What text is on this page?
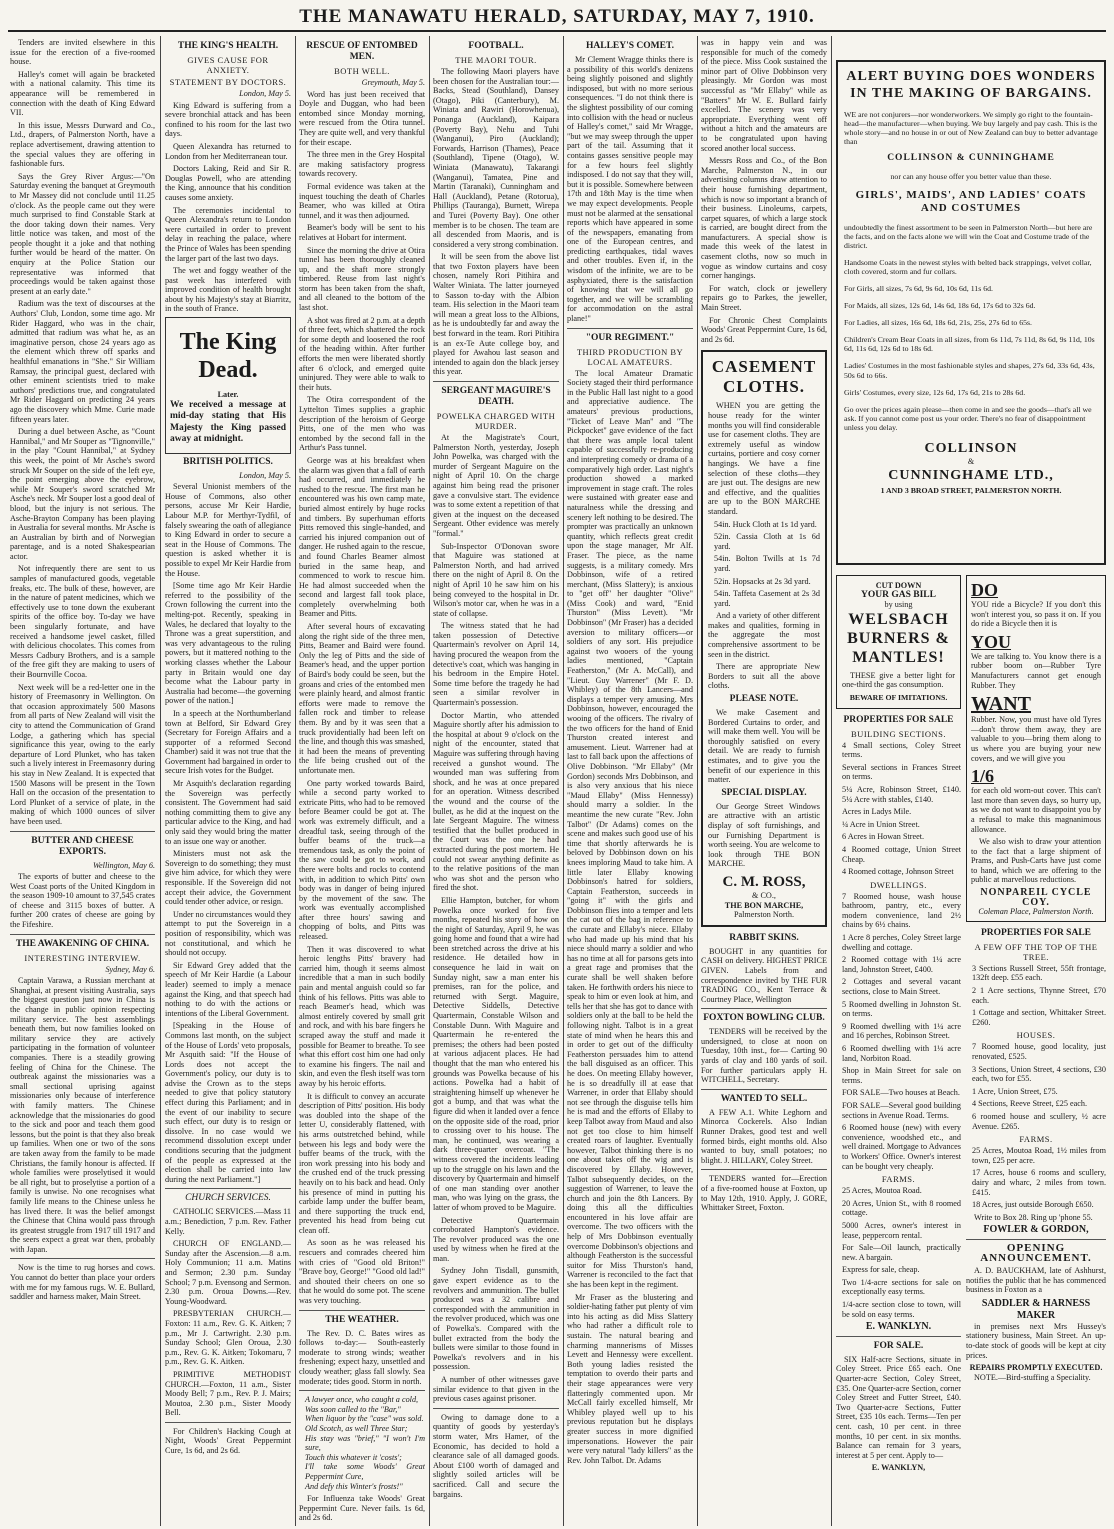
THE MANAWATU HERALD, SATURDAY, MAY 7, 1910.

Tenders are invited elsewhere in this issue for the erection of a five-roomed house.

Halley's comet will again be bracketed with a national calamity. This time its appearance will be remembered in connection with the death of King Edward VII.

In this issue, Messrs Durward and Co., Ltd., drapers, of Palmerston North, have a replace advertisement, drawing attention to the special values they are offering in fashionable furs.

Says the Grey River Argus:—"On Saturday evening the banquet at Greymouth to Mr Massey did not conclude until 11.25 o'clock. As the people came out they were much surprised to find Constable Stark at the door taking down their names. Very little notice was taken, and most of the people thought it a joke and that nothing further would be heard of the matter. On enquiry at the Police Station our representative was informed that proceedings would be taken against those present at an early date."

Radium was the text of discourses at the Authors' Club, London, some time ago. Mr Rider Haggard, who was in the chair, admitted that radium was what he, as an imaginative person, chose 24 years ago as the element which threw off sparks and healthful emanations in "She." Sir William Ramsay, the principal guest, declared with other eminent scientists tried to make authors' predictions true, and congratulated Mr Rider Haggard on predicting 24 years ago the discovery which Mme. Curie made fifteen years later.

During a duel between Asche, as "Count Hannibal," and Mr Souper as "Tignonville," in the play "Count Hannibal," at Sydney this week, the point of Mr Asche's sword struck Mr Souper on the side of the left eye, the point emerging above the eyebrow, while Mr Souper's sword scratched Mr Asche's neck. Mr Souper lost a good deal of blood, but the injury is not serious. The Asche-Brayton Company has been playing in Australia for several months. Mr Asche is an Australian by birth and of Norwegian parentage, and is a noted Shakespearian actor.

Not infrequently there are sent to us samples of manufactured goods, vegetable freaks, etc. The bulk of these, however, are in the nature of patent medicines, which we effectively use to tone down the exuberant spirits of the office boy. To-day we have been singularly fortunate, and have received a handsome jewel casket, filled with delicious chocolates. This comes from Messrs Cadbury Brothers, and is a sample of the free gift they are making to users of their Bournville Cocoa.

Next week will be a red-letter one in the history of Freemasonry in Wellington. On that occasion approximately 500 Masons from all parts of New Zealand will visit the city to attend the Communication of Grand Lodge, a gathering which has special significance this year, owing to the early departure of Lord Plunket, who has taken such a lively interest in Freemasonry during his stay in New Zealand. It is expected that 1500 Masons will be present in the Town Hall on the occasion of the presentation to Lord Plunket of a service of plate, in the making of which 1000 ounces of silver have been used.

BUTTER AND CHEESE EXPORTS.
Wellington, May 6.

The exports of butter and cheese to the West Coast ports of the United Kingdom in the season 1909-10 amount to 37,545 crates of cheese and 3115 boxes of butter. A further 200 crates of cheese are going by the Fifeshire.

THE AWAKENING OF CHINA.
INTERESTING INTERVIEW.
Sydney, May 6.

Captain Varawa, a Russian merchant at Shanghai, at present visiting Australia, says the biggest question just now in China is the change in public opinion respecting military service. The best assemblings beneath them, but now families looked on military service they are actively participating in the formation of volunteer companies. There is a steadily growing feeling of China for the Chinese. The outbreak against the missionaries was a small sectional uprising against missionaries only because of interference with family matters. The Chinese acknowledge that the missionaries do good to the sick and poor and teach them good lessons, but the point is that they also break up families. When one or two of the sons are taken away from the family to be made Christians, the family honour is affected. If whole families were proselytised it would be all right, but to proselytise a portion of a family is unwise. No one recognises what family life means to the Chinese unless he has lived there. It was the belief amongst the Chinese that China would pass through its greatest struggle from 1917 till 1917 and the seers expect a great war then, probably with Japan.

Now is the time to rug horses and cows. You cannot do better than place your orders with me for my famous rugs. W. E. Bullard, saddler and harness maker, Main Street.

THE KING'S HEALTH.
GIVES CAUSE FOR ANXIETY.
STATEMENT BY DOCTORS.
London, May 5.

King Edward is suffering from a severe bronchial attack and has been confined to his room for the last two days.

Queen Alexandra has returned to London from her Mediterranean tour.

Doctors Laking, Reid and Sir R. Douglas Powell, who are attending the King, announce that his condition causes some anxiety.

The ceremonies incidental to Queen Alexandra's return to London were curtailed in order to prevent delay in reaching the palace, where the Prince of Wales has been spending the larger part of the last two days.

The wet and foggy weather of the past week has interfered with improved condition of health brought about by his Majesty's stay at Biarritz, in the south of France.

The King Dead.
Later.

We received a message at mid-day stating that His Majesty the King passed away at midnight.

BRITISH POLITICS.
London, May 5.

Several Unionist members of the House of Commons, also other persons, accuse Mr Keir Hardie, Labour M.P. for Merthyr-Tydfil, of falsely swearing the oath of allegiance to King Edward in order to secure a seat in the House of Commons. The question is asked whether it is possible to expel Mr Keir Hardie from the House.

[Some time ago Mr Keir Hardie referred to the possibility of the Crown following the current into the melting-pot. Recently, speaking in Wales, he declared that loyalty to the Throne was a great superstition, and was very advantageous to the ruling powers, but it mattered nothing to the working classes whether the Labour party in Britain would one day become what the Labour party in Australia had become—the governing power of the nation.]

In a speech at the Northumberland town at Belford, Sir Edward Grey (Secretary for Foreign Affairs and a supporter of a reformed Second Chamber) said it was not true that the Government had bargained in order to secure Irish votes for the Budget.

Mr Asquith's declaration regarding the Sovereign was perfectly consistent. The Government had said nothing committing them to give any particular advice to the King, and had only said they would bring the matter to an issue one way or another.

Ministers must not ask the Sovereign to do something; they must give him advice, for which they were responsible. If the Sovereign did not accept their advice, the Government could tender other advice, or resign.

Under no circumstances would they attempt to put the Sovereign in a position of responsibility, which was not constitutional, and which he should not occupy.

Sir Edward Grey added that the speech of Mr Keir Hardie (a Labour leader) seemed to imply a menace against the King, and that speech had nothing to do with the actions or intentions of the Liberal Government.

[Speaking in the House of Commons last month, on the subject of the House of Lords' veto proposals, Mr Asquith said: "If the House of Lords does not accept the Government's policy, our duty is to advise the Crown as to the steps needed to give that policy statutory effect during this Parliament; and in the event of our inability to secure such effect, our duty is to resign or dissolve. In no case would we recommend dissolution except under conditions securing that the judgment of the people as expressed at the election shall be carried into law during the next Parliament."]

CHURCH SERVICES.

CATHOLIC SERVICES.—Mass 11 a.m.; Benediction, 7 p.m. Rev. Father Kelly.

CHURCH OF ENGLAND.—Sunday after the Ascension.—8 a.m. Holy Communion; 11 a.m. Matins and Sermon; 2.30 p.m. Sunday School; 7 p.m. Evensong and Sermon. 2.30 p.m. Oroua Downs.—Rev. Young-Woodward.

PRESBYTERIAN CHURCH.—Foxton: 11 a.m., Rev. G. K. Aitken; 7 p.m., Mr J. Cartwright. 2.30 p.m. Sunday School; Glen Oroua, 2.30 p.m., Rev. G. K. Aitken; Tokomaru, 7 p.m., Rev. G. K. Aitken.

PRIMITIVE METHODIST CHURCH.—Foxton, 11 a.m., Sister Moody Bell; 7 p.m., Rev. P. J. Mairs; Moutoa, 2.30 p.m., Sister Moody Bell.

For Children's Hacking Cough at Night, Woods' Great Peppermint Cure, 1s 6d, and 2s 6d.

RESCUE OF ENTOMBED MEN.
BOTH WELL.
Greymouth, May 5.

Word has just been received that Doyle and Duggan, who had been entombed since Monday morning, were rescued from the Otira tunnel. They are quite well, and very thankful for their escape.

The three men in the Grey Hospital are making satisfactory progress towards recovery.

Formal evidence was taken at the inquest touching the death of Charles Beamer, who was killed at Otira tunnel, and it was then adjourned.

Beamer's body will be sent to his relatives at Hobart for interment.

Since the morning the drive at Otira tunnel has been thoroughly cleaned up, and the shaft more strongly timbered. Reuse from last night's storm has been taken from the shaft, and all cleaned to the bottom of the last shot.

A shot was fired at 2 p.m. at a depth of three feet, which shattered the rock for some depth and loosened the roof of the heading within. After further efforts the men were liberated shortly after 6 o'clock, and emerged quite uninjured. They were able to walk to their huts.

The Otira correspondent of the Lyttelton Times supplies a graphic description of the heroism of George Pitts, one of the men who was entombed by the second fall in the Arthur's Pass tunnel.

George was at his breakfast when the alarm was given that a fall of earth had occurred, and immediately he rushed to the rescue. The first man he encountered was his own camp mate, buried almost entirely by huge rocks and timbers. By superhuman efforts Pitts removed this single-handed, and carried his injured companion out of danger. He rushed again to the rescue, and found Charles Beamer almost buried in the same heap, and commenced to work to rescue him. He had almost succeeded when the second and largest fall took place, completely overwhelming both Beamer and Pitts.

After several hours of excavating along the right side of the three men, Pitts, Beamer and Baird were found. Only the leg of Pitts and the side of Beamer's head, and the upper portion of Baird's body could be seen, but the groans and cries of the entombed men were plainly heard, and almost frantic efforts were made to remove the fallen rock and timber to release them. By and by it was seen that a truck providentially had been left on the line, and though this was smashed, it had been the means of preventing the life being crushed out of the unfortunate men.

One party worked towards Baird, while a second party worked to extricate Pitts, who had to be removed before Beamer could be got at. The work was extremely difficult, and a dreadful task, seeing through of the buffer beams of the truck—a tremendous task, as only the point of the saw could be got to work, and there were bolts and rocks to contend with, in addition to which Pitts' own body was in danger of being injured by the movement of the saw. The work was eventually accomplished after three hours' sawing and chopping of bolts, and Pitts was released.

Then it was discovered to what heroic lengths Pitts' bravery had carried him, though it seems almost incredible that a man in such bodily pain and mental anguish could so far think of his fellows. Pitts was able to reach Beamer's head, which was almost entirely covered by small grit and rock, and with his bare fingers he scraped away the stuff and made it possible for Beamer to breathe. To see what this effort cost him one had only to examine his fingers. The nail and skin, and even the flesh itself was torn away by his heroic efforts.

It is difficult to convey an accurate description of Pitts' position. His body was doubled into the shape of the letter U, considerably flattened, with his arms outstretched behind, while between his legs and body were the buffer beams of the truck, with the iron work pressing into his body and the crushed end of the truck pressing heavily on to his back and head. Only his presence of mind in putting his carbide lamp under the buffer beam, and there supporting the truck end, prevented his head from being cut clean off.

As soon as he was released his rescuers and comrades cheered him with cries of "Good old Briton!" "Brave boy, George!" "Good old lad!" and shouted their cheers on one so that he would do some pot. The scene was very touching.

THE WEATHER.

The Rev. D. C. Bates wires as follows to-day:— South-easterly moderate to strong winds; weather freshening; expect hazy, unsettled and cloudy weather; glass fall slowly. Sea moderate; tides good. Storm in north.

A lawyer once, who caught a cold,
Was soon called to the "Bar,"
When liquor by the "case" was sold.
Old Scotch, as well Three Star;
His stay was "brief," "I won't I'm sure,
Touch this whatever it 'costs';
I'll take some Woods' Great Peppermint Cure,
And defy this Winter's frosts!"

For Influenza take Woods' Great Peppermint Cure. Never fails. 1s 6d, and 2s 6d.

FOOTBALL.
THE MAORI TOUR.

The following Maori players have been chosen for the Australian tour:—Backs, Stead (Southland), Dansey (Otago), Piki (Canterbury), M. Winiata and Rawiri (Horowhenua), Ponanga (Auckland), Kaipara (Poverty Bay), Nehu and Tuhi (Wanganui), Piro (Auckland); Forwards, Harrison (Thames), Peace (Southland), Tipene (Otago), W. Winiata (Manawatu), Takarangi (Wanganui), Tamatea, Pine and Martin (Taranaki), Cunningham and Hall (Auckland), Petane (Rotorua), Phillips (Tauranga), Burnett, Wirepa and Turei (Poverty Bay). One other member is to be chosen. The team are all descended from Maoris, and is considered a very strong combination.

It will be seen from the above list that two Foxton players have been chosen, namely Rori Pitihira and Walter Winiata. The latter journeyed to Sasson to-day with the Albion team. His selection in the Maori team will mean a great loss to the Albions, as he is undoubtedly far and away the best forward in the team. Rori Pitihira is an ex-Te Aute college boy, and played for Awahou last season and intended to again don the black jersey this year.

SERGEANT MAGUIRE'S DEATH.
POWELKA CHARGED WITH MURDER.

At the Magistrate's Court, Palmerston North, yesterday, Joseph John Powelka, was charged with the murder of Sergeant Maguire on the night of April 10. On the charge against him being read the prisoner gave a convulsive start. The evidence was to some extent a repetition of that given at the inquest on the deceased Sergeant. Other evidence was merely "formal."

Sub-Inspector O'Donovan swore that Maguire was stationed at Palmerston North, and had arrived there on the night of April 8. On the night of April 10 he saw him on his being conveyed to the hospital in Dr. Wilson's motor car, when he was in a state of collapse.

The witness stated that he had taken possession of Detective Quartermain's revolver on April 14, having procured the weapon from the detective's coat, which was hanging in his bedroom in the Empire Hotel. Some time before the tragedy he had seen a similar revolver in Quartermain's possession.

Doctor Martin, who attended Maguire shortly after his admission to the hospital at about 9 o'clock on the night of the encounter, stated that Maguire was suffering through having received a gunshot wound. The wounded man was suffering from shock, and he was at once prepared for an operation. Witness described the wound and the course of the bullet, as he did at the inquest on the late Sergeant Maguire. The witness testified that the bullet produced in the Court was the one he had extracted during the post mortem. He could not swear anything definite as to the relative positions of the man who was shot and the person who fired the shot.

Ellie Hampton, butcher, for whom Powelka once worked for five months, repeated his story of how on the night of Saturday, April 9, he was going home and found that a wire had been stretched across the drive at his residence. He detailed how in consequence he laid in wait on Sunday night, saw a man enter his premises, ran for the police, and returned with Sergt. Maguire, Detective Siddells, Detective Quartermain, Constable Wilson and Constable Dunn. With Maguire and Quartermain he re-entered the premises; the others had been posted at various adjacent places. He had thought that the man who entered his grounds was Powelka because of his actions. Powelka had a habit of straightening himself up whenever he got a bump, and that was what the figure did when it landed over a fence on the opposite side of the road, prior to crossing over to his house. The man, he continued, was wearing a dark three-quarter overcoat. "The witness covered the incidents leading up to the struggle on his lawn and the discovery by Quartermain and himself of one man standing over another man, who was lying on the grass, the latter of whom proved to be Maguire.

Detective Quartermain corroborated Hampton's evidence. The revolver produced was the one used by witness when he fired at the man.

Sydney John Tisdall, gunsmith, gave expert evidence as to the revolvers and ammunition. The bullet produced was a 32 calibre and corresponded with the ammunition in the revolver produced, which was one of Powelka's. Compared with the bullet extracted from the body the bullets were similar to those found in Powelka's revolvers and in his possession.

A number of other witnesses gave similar evidence to that given in the previous cases against prisoner.

Owing to damage done to a quantity of goods by yesterday's storm water, Mrs Hamer, of the Economic, has decided to hold a clearance sale of all damaged goods. About £100 worth of damaged and slightly soiled articles will be sacrificed. Call and secure the bargains.

HALLEY'S COMET.

Mr Clement Wragge thinks there is a possibility of this world's denizens being slightly poisoned and slightly indisposed, but with no more serious consequences. "I do not think there is the slightest possibility of our coming into collision with the head or nucleus of Halley's comet," said Mr Wragge, "but we may sweep through the upper part of the tail. Assuming that it contains gasses sensitive people may for a few hours feel slightly indisposed. I do not say that they will, but it is possible. Somewhere between 17th and 18th May is the time when we may expect developments. People must not be alarmed at the sensational reports which have appeared in some of the newspapers, emanating from one of the European centres, and predicting earthquakes, tidal waves and other troubles. Even if, in the wisdom of the infinite, we are to be asphyxiated, there is the satisfaction of knowing that we will all go together, and we will be scrambling for accommodation on the astral plane!"

"OUR REGIMENT."
THIRD PRODUCTION BY LOCAL AMATEURS.

The local Amateur Dramatic Society staged their third performance in the Public Hall last night to a good and appreciative audience. The amateurs' previous productions, "Ticket of Leave Man" and "The Pickpocket" gave evidence of the fact that there was ample local talent capable of successfully re-producing and interpreting comedy or drama of a comparatively high order. Last night's production showed a marked improvement in stage craft. The roles were sustained with greater ease and naturalness while the dressing and scenery left nothing to be desired. The prompter was practically an unknown quantity, which reflects great credit upon the stage manager, Mr Alf. Fraser. The piece, as the name suggests, is a military comedy. Mrs Dobbinson, wife of a retired merchant, (Miss Slattery); is anxious to "get off" her daughter "Olive" (Miss Cook) and ward, "Enid Thurston" (Miss Levett). "Mr Dobbinson" (Mr Fraser) has a decided aversion to military officers—or soldiers of any sort. His prejudice against two wooers of the young ladies mentioned, "Captain Featherston," (Mr A. McCall), and "Lieut. Guy Warrener" (Mr F. D. Whibley) of the 8th Lancers—and displays a temper very amusing. Mrs Dobbinson, however, encouraged the wooing of the officers. The rivalry of the two officers for the hand of Enid Thurston created interest and amusement. Lieut. Warrener had at last to fall back upon the affections of Olive Dobbinson. "Mr Ellaby" (Mr Gordon) seconds Mrs Dobbinson, and is also very anxious that his niece "Maud Ellaby" (Miss Hennessy) should marry a soldier. In the meantime the new curate "Rev. John Talbot" (Dr Adams) comes on the scene and makes such good use of his time that shortly afterwards he is beloved by Dobbinson down on his knees imploring Maud to take him. A little later Ellaby knowing Dobbinson's hatred for soldiers, Captain Featherston, succeeds in "going it" with the girls and Dobbinson flies into a temper and lets the cat out of the bag in reference to the curate and Ellaby's niece. Ellaby who had made up his mind that his niece should marry a soldier and who has no time at all for parsons gets into a great rage and promises that the curate shall be well shaken before taken. He forthwith orders his niece to speak to him or even look at him, and tells her that she has got to dance with soldiers only at the ball to be held the following night. Talbot is in a great state of mind when he hears this and in order to get out of the difficulty Featherston persuades him to attend the ball disguised as an officer. This he does. On meeting Ellaby however, he is so dreadfully ill at ease that Warrener, in order that Ellaby should not see through the disguise tells him he is mad and the efforts of Ellaby to keep Talbot away from Maud and also not get too close to him himself created roars of laughter. Eventually however, Talbot thinking there is no one about takes off the wig and is discovered by Ellaby. However, Talbot subsequently decides, on the suggestion of Warrener, to leave the church and join the 8th Lancers. By doing this all the difficulties encountered in his love affair are overcome. The two officers with the help of Mrs Dobbinson eventually overcome Dobbinson's objections and although Featherston is the successful suitor for Miss Thurston's hand, Warrener is reconciled to the fact that she has been kept in the regiment.

Mr Fraser as the blustering and soldier-hating father put plenty of vim into his acting as did Miss Slattery who had rather a difficult role to sustain. The natural bearing and charming mannerisms of Misses Levett and Hennessy were excellent. Both young ladies resisted the temptation to overdo their parts and their stage appearances were very flatteringly commented upon. Mr McCall fairly excelled himself, Mr Whibley played well up to his previous reputation but he displays greater success in more dignified impersonations. However the pair were very natural "lady killers" as the Rev. John Talbot. Dr. Adams

was in happy vein and was responsible for much of the comedy of the piece. Miss Cook sustained the minor part of Olive Dobbinson very pleasingly. Mr Gordon was most successful as "Mr Ellaby" while as "Batters" Mr W. E. Bullard fairly excelled. The scenery was very appropriate. Everything went off without a hitch and the amateurs are to be congratulated upon having scored another local success.

Messrs Ross and Co., of the Bon Marche, Palmerston N., in our advertising columns draw attention to their house furnishing department, which is now so important a branch of their business. Linoleums, carpets, carpet squares, of which a large stock is carried, are bought direct from the manufacturers. A special show is made this week of the latest in casement cloths, now so much in vogue as window curtains and cosy corner hangings.

For watch, clock or jewellery repairs go to Parkes, the jeweller, Main Street.

For Chronic Chest Complaints Woods' Great Peppermint Cure, 1s 6d, and 2s 6d.

CASEMENT
CLOTHS.

WHEN you are getting the house ready for the winter months you will find considerable use for casement cloths. They are extremely useful as window curtains, portiere and cosy corner hangings. We have a fine selection of these cloths—they are just out. The designs are new and effective, and the qualities are up to the BON MARCHE standard.

54in. Huck Cloth at 1s 1d yard.

52in. Cassia Cloth at 1s 6d yard.

54in. Bolton Twills at 1s 7d yard.

52in. Hopsacks at 2s 3d yard.

54in. Taffeta Casement at 2s 3d yard.

And a variety of other different makes and qualities, forming in the aggregate the most comprehensive assortment to be seen in the district.

There are appropriate New Borders to suit all the above cloths.

PLEASE NOTE.

We make Casement and Bordered Curtains to order, and will make them well. You will be thoroughly satisfied on every detail. We are ready to furnish estimates, and to give you the benefit of our experience in this matter.

SPECIAL DISPLAY.

Our George Street Windows are attractive with an artistic display of soft furnishings, and our Furnishing Department is worth seeing. You are welcome to look through THE BON MARCHE.

C. M. ROSS,
& CO.,
THE BON MARCHE,
Palmerston North.
RABBIT SKINS.

BOUGHT in any quantities for CASH on delivery. HIGHEST PRICE GIVEN. Labels from and correspondence invited by THE FUR TRADING CO., Kent Terrace & Courtney Place, Wellington

FOXTON BOWLING CLUB.

TENDERS will be received by the undersigned, to close at noon on Tuesday, 10th inst., for— Carting 90 yards of clay and 180 yards of soil. For further particulars apply H. WITCHELL, Secretary.

WANTED TO SELL.

A FEW A.1. White Leghorn and Minorca Cockerels. Also Indian Runner Drakes, good test and well formed birds, eight months old. Also wanted to buy, small potatoes; no blight. J. HILLARY, Coley Street.

TENDERS wanted for—Erection of a five-roomed house at Foxton, up to May 12th, 1910. Apply, J. GORE, Whittaker Street, Foxton.

ALERT BUYING DOES WONDERS IN THE MAKING OF BARGAINS.

WE are not conjurers—nor wonderworkers. We simply go right to the fountain-head—the manufacturer—when buying. We buy largely and pay cash. This is the whole story—and no house in or out of New Zealand can buy to better advantage than

COLLINSON & CUNNINGHAME

nor can any house offer you better value than these.

GIRLS', MAIDS', AND LADIES' COATS AND COSTUMES

undoubtedly the finest assortment to be seen in Palmerston North—but here are the facts, and on the facts alone we will win the Coat and Costume trade of the district.

Handsome Coats in the newest styles with belted back strappings, velvet collar, cloth covered, storm and fur collars.

For Girls, all sizes, 7s 6d, 9s 6d, 10s 6d, 11s 6d.

For Maids, all sizes, 12s 6d, 14s 6d, 18s 6d, 17s 6d to 32s 6d.

For Ladies, all sizes, 16s 6d, 18s 6d, 21s, 25s, 27s 6d to 65s.

Children's Cream Bear Coats in all sizes, from 6s 11d, 7s 11d, 8s 6d, 9s 11d, 10s 6d, 11s 6d, 12s 6d to 18s 6d.

Ladies' Costumes in the most fashionable styles and shapes, 27s 6d, 33s 6d, 43s, 50s 6d to 66s.

Girls' Costumes, every size, 12s 6d, 17s 6d, 21s to 28s 6d.

Go over the prices again please—then come in and see the goods—that's all we ask. If you cannot come post us your order. There's no fear of disappointment unless you delay.

COLLINSON
&
CUNNINGHAME LTD.,
1 AND 3 BROAD STREET, PALMERSTON NORTH.
CUT DOWN
YOUR GAS BILL
by using
WELSBACH
BURNERS &
MANTLES!

THESE give a better light for one-third the gas consumption.

BEWARE OF IMITATIONS.
PROPERTIES FOR SALE
BUILDING SECTIONS.

4 Small sections, Coley Street terms.

Several sections in Frances Street on terms.

5¼ Acre, Robinson Street, £140. 5¼ Acre with stables, £140.

Acres in Ladys Mile.

¼ Acre in Union Street.

6 Acres in Howan Street.

4 Roomed cottage, Union Street Cheap.

4 Roomed cottage, Johnson Street

DWELLINGS.

7 Roomed house, wash house bathroom, pantry, etc., every modern convenience, land 2½ chains by 6½ chains.

1 Acre 8 perches, Coley Street large dwelling and cottage.

2 Roomed cottage with 1¼ acre land, Johnston Street, £400.

2 Cottages and several vacant sections, close to Main Street.

5 Roomed dwelling in Johnston St. on terms.

9 Roomed dwelling with 1¼ acre and 16 perches, Robinson Street.

6 Roomed dwelling with 1¼ acre land, Norbiton Road.

Shop in Main Street for sale on terms.

FOR SALE—Two houses at Beach.

FOR SALE—Several good building sections in Avenue Road. Terms.

6 Roomed house (new) with every convenience, woodshed etc., and well drained. Mortgage to Advances to Workers' Office. Owner's interest can be bought very cheaply.

FARMS.

25 Acres, Moutoa Road.

20 Acres, Union St., with 8 roomed cottage.

5000 Acres, owner's interest in lease, peppercorn rental.

For Sale—Oil launch, practically new. A bargain.

Express for sale, cheap.

Two 1/4-acre sections for sale on exceptionally easy terms.

1/4-acre section close to town, will be sold on easy terms.

E. WANKLYN.
FOR SALE.

SIX Half-acre Sections, situate in Coley Street. Price £65 each. One Quarter-acre Section, Coley Street, £35. One Quarter-acre Section, corner Coley Street and Futter Street, £40. Two Quarter-acre Sections, Futter Street, £35 10s each. Terms—Ten per cent. cash, 10 per cent. in three months, 10 per cent. in six months. Balance can remain for 3 years, interest at 5 per cent. Apply to—

E. WANKLYN,
DO

YOU ride a Bicycle? If you don't this won't interest you, so pass it on. If you do ride a Bicycle then it is

YOU

We are talking to. You know there is a rubber boom on—Rubber Tyre Manufacturers cannot get enough Rubber. They

WANT

Rubber. Now, you must have old Tyres—don't throw them away, they are valuable to you—bring them along to us where you are buying your new covers, and we will give you

1/6

for each old worn-out cover. This can't last more than seven days, so hurry up, as we do not want to disappoint you by a refusal to make this magnanimous allowance.

We also wish to draw your attention to the fact that a large shipment of Prams, and Push-Carts have just come to hand, which we are offering to the public at marvellous reductions.

NONPAREIL CYCLE COY.
Coleman Place, Palmerston North.
PROPERTIES FOR SALE
A FEW OFF THE TOP OF THE TREE.

3 Sections Russell Street, 55ft frontage, 132ft deep. £55 each.

2 1 Acre sections, Thynne Street, £70 each.

1 Cottage and section, Whittaker Street. £260.

HOUSES.

7 Roomed house, good locality, just renovated, £525.

3 Sections, Union Street, 4 sections, £30 each, two for £55.

1 Acre, Union Street, £75.

4 Sections, Reeve Street, £25 each.

6 roomed house and scullery, ½ acre Avenue. £265.

FARMS.

25 Acres, Moutoa Road, 1½ miles from town, £25 per acre.

17 Acres, house 6 rooms and scullery, dairy and wharc, 2 miles from town. £415.

18 Acres, just outside Borough £650.

Write to Box 28. Ring up 'phone 55.

FOWLER & GORDON,
OPENING
ANNOUNCEMENT.

A. D. BAUCKHAM, late of Ashhurst, notifies the public that he has commenced business in Foxton as a

SADDLER & HARNESS MAKER

in premises next Mrs Hussey's stationery business, Main Street. An up-to-date stock of goods will be kept at city prices.

REPAIRS PROMPTLY EXECUTED.

NOTE.—Bird-stuffing a Speciality.
